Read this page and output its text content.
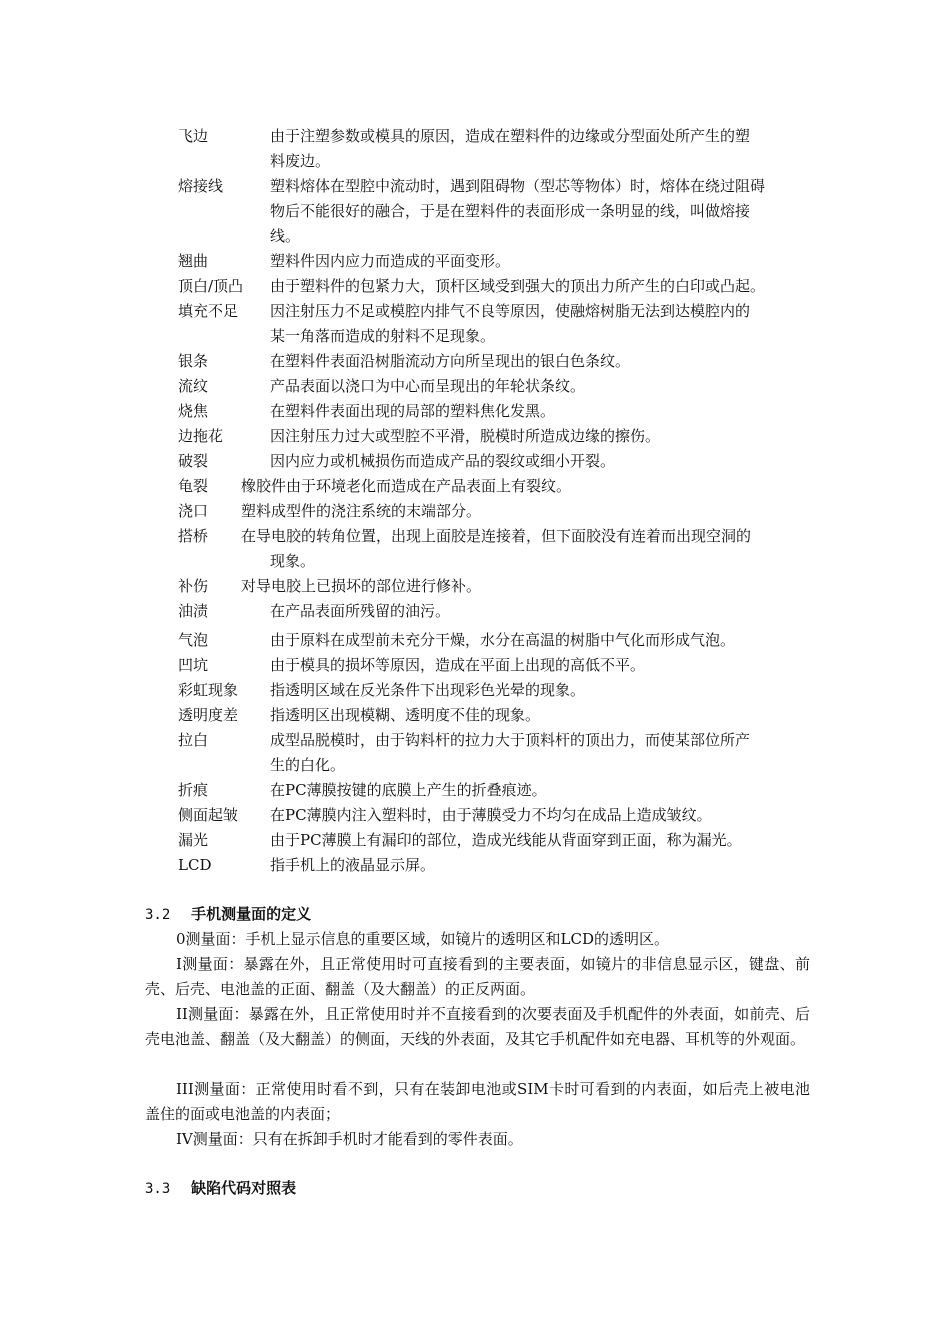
飞边	由于注塑参数或模具的原因，造成在塑料件的边缘或分型面处所产生的塑
料废边。
熔接线	塑料熔体在型腔中流动时，遇到阻碍物（型芯等物体）时，熔体在绕过阻碍
物后不能很好的融合，于是在塑料件的表面形成一条明显的线，叫做熔接
线。
翘曲	塑料件因内应力而造成的平面变形。
顶白/顶凸 由于塑料件的包紧力大，顶杆区域受到强大的顶出力所产生的白印或凸起。
填充不足 因注射压力不足或模腔内排气不良等原因，使融熔树脂无法到达模腔内的
某一角落而造成的射料不足现象。
银条	在塑料件表面沿树脂流动方向所呈现出的银白色条纹。
流纹	产品表面以浇口为中心而呈现出的年轮状条纹。
烧焦	在塑料件表面出现的局部的塑料焦化发黑。
边拖花	因注射压力过大或型腔不平滑，脱模时所造成边缘的擦伤。
破裂	因内应力或机械损伤而造成产品的裂纹或细小开裂。
龟裂 橡胶件由于环境老化而造成在产品表面上有裂纹。
浇口 塑料成型件的浇注系统的末端部分。
搭桥 在导电胶的转角位置，出现上面胶是连接着，但下面胶没有连着而出现空洞的
现象。
补伤 对导电胶上已损坏的部位进行修补。
油渍	在产品表面所残留的油污。
气泡	由于原料在成型前未充分干燥，水分在高温的树脂中气化而形成气泡。
凹坑	由于模具的损坏等原因，造成在平面上出现的高低不平。
彩虹现象 指透明区域在反光条件下出现彩色光晕的现象。
透明度差 指透明区出现模糊、透明度不佳的现象。
拉白	成型品脱模时，由于钩料杆的拉力大于顶料杆的顶出力，而使某部位所产
生的白化。
折痕	在PC薄膜按键的底膜上产生的折叠痕迹。
侧面起皱 在PC薄膜内注入塑料时，由于薄膜受力不均匀在成品上造成皱纹。
漏光	由于PC薄膜上有漏印的部位，造成光线能从背面穿到正面，称为漏光。
LCD	指手机上的液晶显示屏。
3.2 手机测量面的定义

0测量面：手机上显示信息的重要区域，如镜片的透明区和LCD的透明区。

I测量面：暴露在外，且正常使用时可直接看到的主要表面，如镜片的非信息显示区，键盘、前壳、后壳、电池盖的正面、翻盖（及大翻盖）的正反两面。

II测量面：暴露在外，且正常使用时并不直接看到的次要表面及手机配件的外表面，如前壳、后壳电池盖、翻盖（及大翻盖）的侧面，天线的外表面，及其它手机配件如充电器、耳机等的外观面。

III测量面：正常使用时看不到，只有在装卸电池或SIM卡时可看到的内表面，如后壳上被电池盖住的面或电池盖的内表面；

IV测量面：只有在拆卸手机时才能看到的零件表面。

3.3 缺陷代码对照表
